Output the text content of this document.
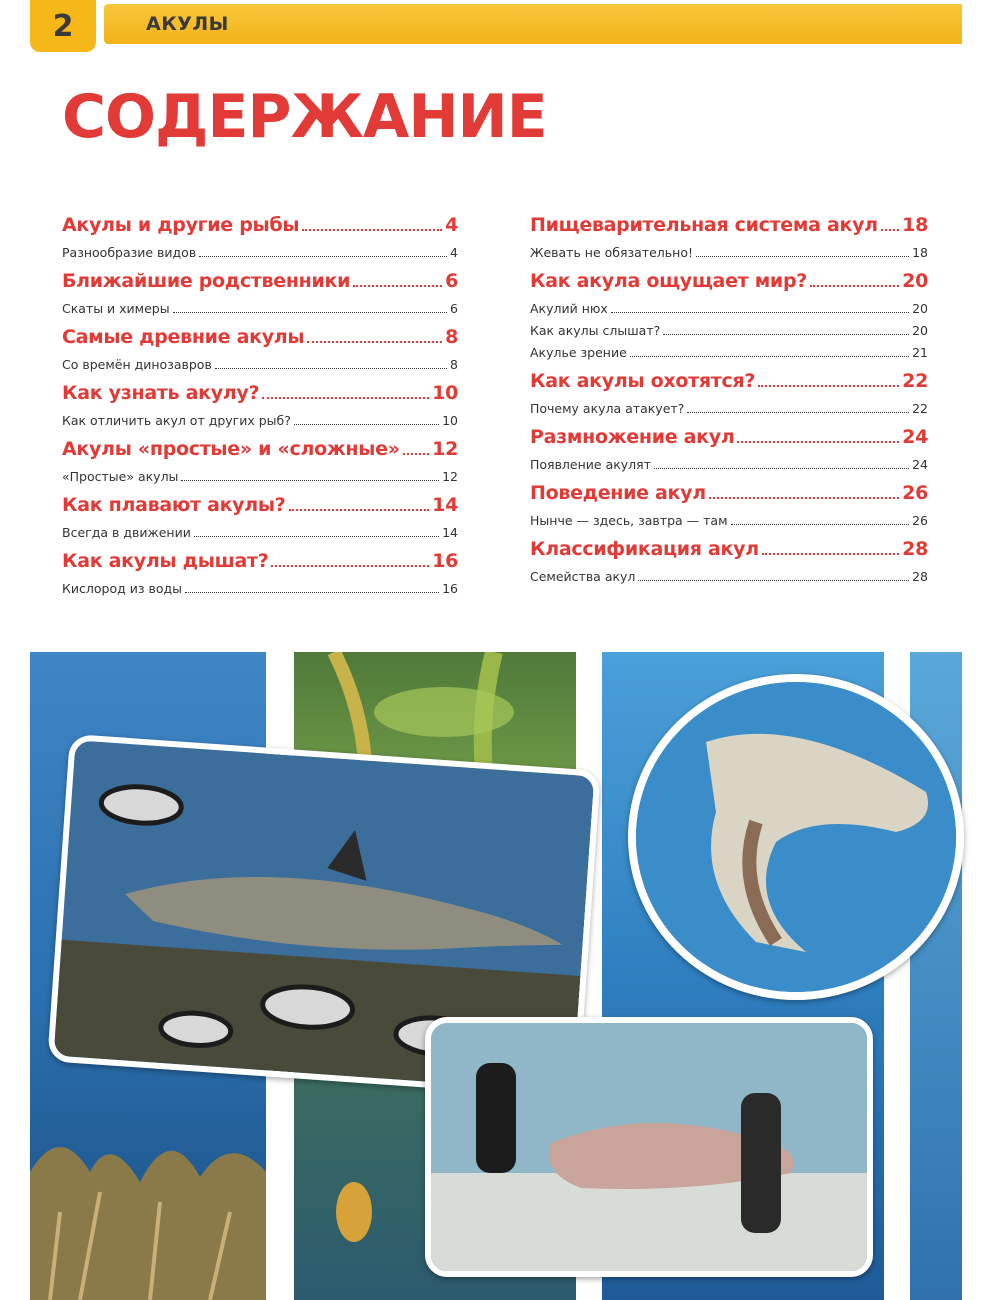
2	АКУЛЫ
СОДЕРЖАНИЕ
Акулы и другие рыбы	4
Разнообразие видов	4
Ближайшие родственники	6
Скаты и химеры	6
Самые древние акулы	8
Со времён динозавров	8
Как узнать акулу?	10
Как отличить акул от других рыб?	10
Акулы «простые» и «сложные» 12
«Простые» акулы	12
Как плавают акулы?	14
Всегда в движении	14
Как акулы дышат?	16
Кислород из воды	16
Пищеварительная система акул 18
Жевать не обязательно!	18
Как акула ощущает мир?	20
Акулий нюх	20
Как акулы слышат?	20
Акулье зрение	21
Как акулы охотятся?	22
Почему акула атакует?	22
Размножение акул	24
Появление акулят	24
Поведение акул	26
Нынче — здесь, завтра — там	26
Классификация акул	28
Семейства акул	28
